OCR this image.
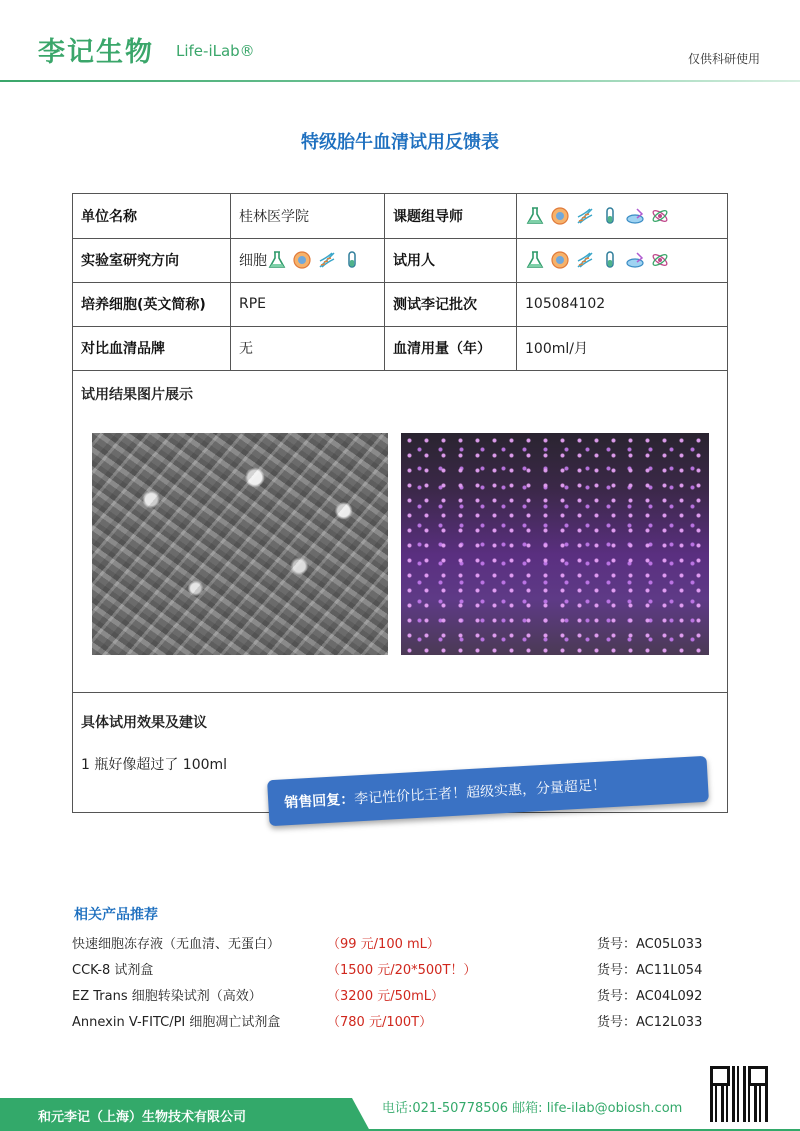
李记生物 Life-iLab®	仅供科研使用
特级胎牛血清试用反馈表
单位名称	桂林医学院	课题组导师
实验室研究方向	细胞	试用人
培养细胞(英文简称)	RPE	测试李记批次	105084102
对比血清品牌	无	血清用量（年）	100ml/月
试用结果图片展示
具体试用效果及建议
1 瓶好像超过了 100ml
销售回复： 李记性价比王者！超级实惠，分量超足！
相关产品推荐
快速细胞冻存液（无血清、无蛋白）	（99 元/100 mL）	货号：AC05L033
CCK-8 试剂盒	（1500 元/20*500T！）	货号：AC11L054
EZ Trans 细胞转染试剂（高效）	（3200 元/50mL）	货号：AC04L092
Annexin V-FITC/PI 细胞凋亡试剂盒	（780 元/100T）	货号：AC12L033
和元李记（上海）生物技术有限公司
电话:021-50778506 邮箱: life-ilab@obiosh.com
